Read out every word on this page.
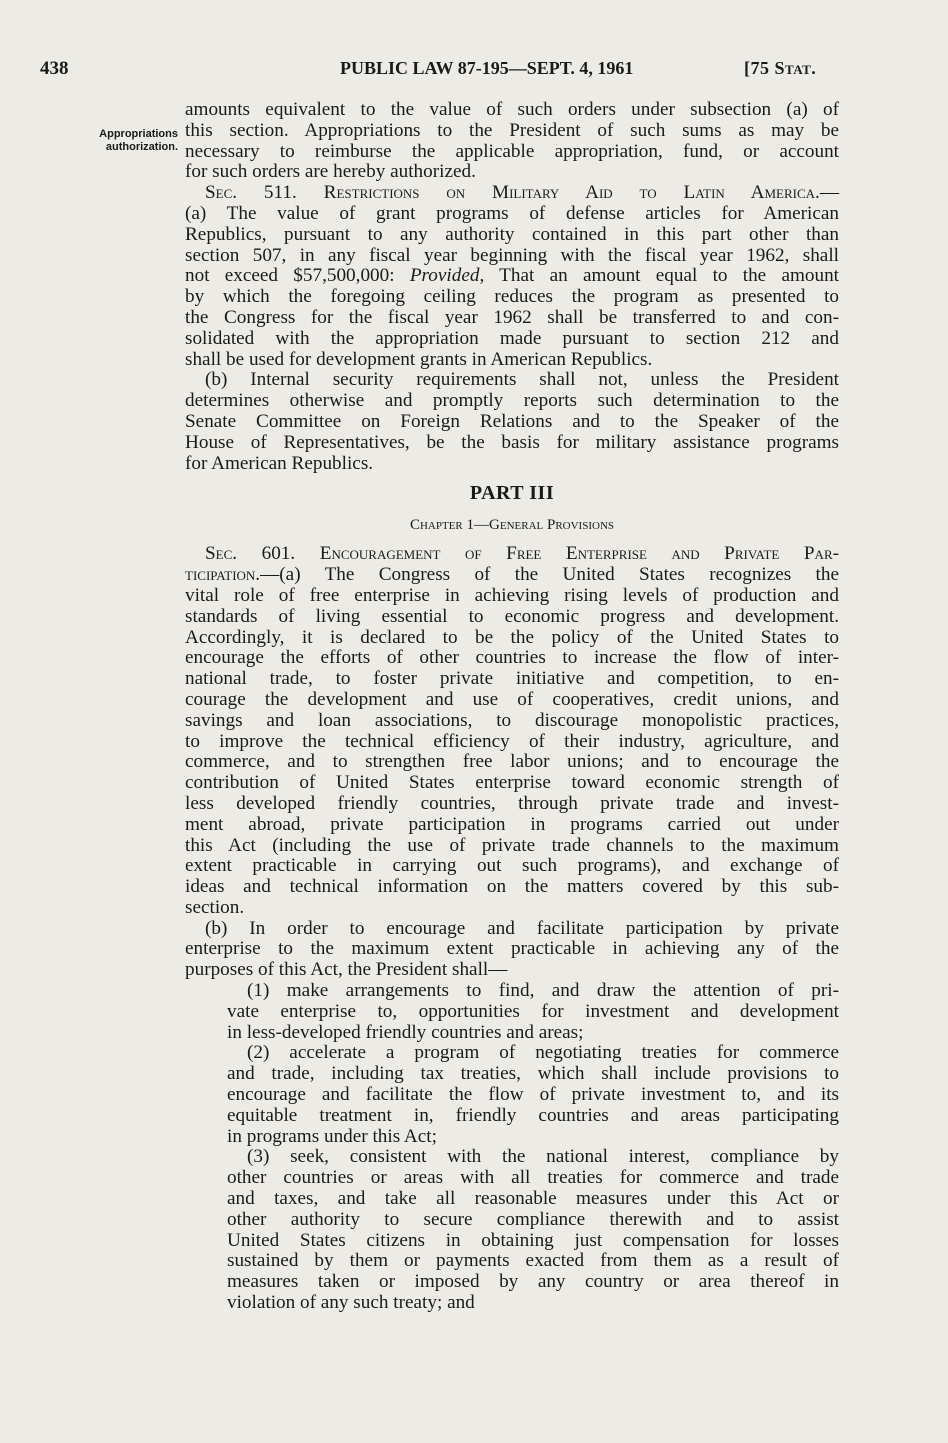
438	PUBLIC LAW 87-195—SEPT. 4, 1961	[75 Stat.
Appropriations authorization.
amounts equivalent to the value of such orders under subsection (a) of
this section. Appropriations to the President of such sums as may be
necessary to reimburse the applicable appropriation, fund, or account
for such orders are hereby authorized.
Sec. 511. Restrictions on Military Aid to Latin America.—
(a) The value of grant programs of defense articles for American
Republics, pursuant to any authority contained in this part other than
section 507, in any fiscal year beginning with the fiscal year 1962, shall
not exceed $57,500,000: Provided, That an amount equal to the amount
by which the foregoing ceiling reduces the program as presented to
the Congress for the fiscal year 1962 shall be transferred to and con-
solidated with the appropriation made pursuant to section 212 and
shall be used for development grants in American Republics.
(b) Internal security requirements shall not, unless the President
determines otherwise and promptly reports such determination to the
Senate Committee on Foreign Relations and to the Speaker of the
House of Representatives, be the basis for military assistance programs
for American Republics.
PART III
Chapter 1—General Provisions
Sec. 601. Encouragement of Free Enterprise and Private Par-
ticipation.—(a) The Congress of the United States recognizes the
vital role of free enterprise in achieving rising levels of production and
standards of living essential to economic progress and development.
Accordingly, it is declared to be the policy of the United States to
encourage the efforts of other countries to increase the flow of inter-
national trade, to foster private initiative and competition, to en-
courage the development and use of cooperatives, credit unions, and
savings and loan associations, to discourage monopolistic practices,
to improve the technical efficiency of their industry, agriculture, and
commerce, and to strengthen free labor unions; and to encourage the
contribution of United States enterprise toward economic strength of
less developed friendly countries, through private trade and invest-
ment abroad, private participation in programs carried out under
this Act (including the use of private trade channels to the maximum
extent practicable in carrying out such programs), and exchange of
ideas and technical information on the matters covered by this sub-
section.
(b) In order to encourage and facilitate participation by private
enterprise to the maximum extent practicable in achieving any of the
purposes of this Act, the President shall—
(1) make arrangements to find, and draw the attention of pri-
vate enterprise to, opportunities for investment and development
in less-developed friendly countries and areas;
(2) accelerate a program of negotiating treaties for commerce
and trade, including tax treaties, which shall include provisions to
encourage and facilitate the flow of private investment to, and its
equitable treatment in, friendly countries and areas participating
in programs under this Act;
(3) seek, consistent with the national interest, compliance by
other countries or areas with all treaties for commerce and trade
and taxes, and take all reasonable measures under this Act or
other authority to secure compliance therewith and to assist
United States citizens in obtaining just compensation for losses
sustained by them or payments exacted from them as a result of
measures taken or imposed by any country or area thereof in
violation of any such treaty; and
